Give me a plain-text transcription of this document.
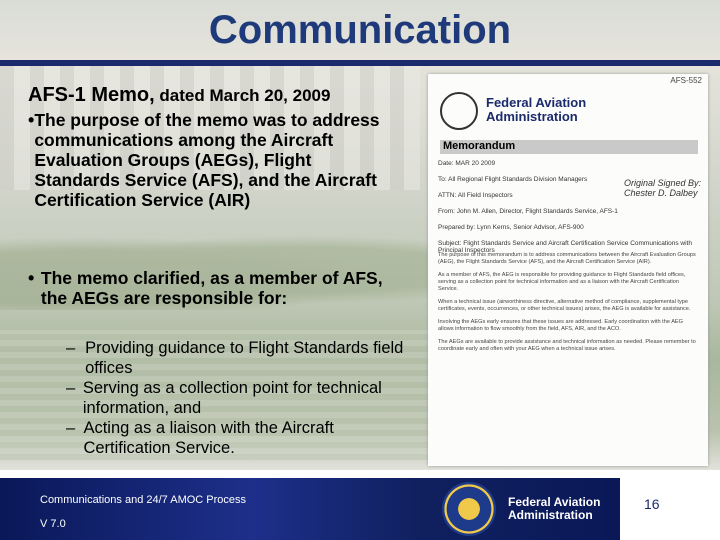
Communication
AFS-1 Memo, dated March 20, 2009
• The purpose of the memo was to address communications among the Aircraft Evaluation Groups (AEGs), Flight Standards Service (AFS), and the Aircraft Certification Service (AIR)
• The memo clarified, as a member of AFS, the AEGs are responsible for:
– Providing guidance to Flight Standards field offices
– Serving as a collection point for technical information, and
– Acting as a liaison with the Aircraft Certification Service.
AFS-552
Federal Aviation
Administration
Memorandum
Date: MAR 20 2009
To: All Regional Flight Standards Division Managers
ATTN: All Field Inspectors
From: John M. Allen, Director, Flight Standards Service, AFS-1
Prepared by: Lynn Kerns, Senior Advisor, AFS-900
Subject: Flight Standards Service and Aircraft Certification Service Communications with Principal Inspectors
Original Signed By: Chester D. Dalbey

The purpose of this memorandum is to address communications between the Aircraft Evaluation Groups (AEG), the Flight Standards Service (AFS), and the Aircraft Certification Service (AIR).

As a member of AFS, the AEG is responsible for providing guidance to Flight Standards field offices, serving as a collection point for technical information and as a liaison with the Aircraft Certification Service.

When a technical issue (airworthiness directive, alternative method of compliance, supplemental type certificates, events, occurrences, or other technical issues) arises, the AEG is available for assistance.

Involving the AEGs early ensures that these issues are addressed. Early coordination with the AEG allows information to flow smoothly from the field, AFS, AIR, and the ACO.

The AEGs are available to provide assistance and technical information as needed. Please remember to coordinate early and often with your AEG when a technical issue arises.

Communications and 24/7 AMOC Process
V 7.0
Federal Aviation
Administration
16
